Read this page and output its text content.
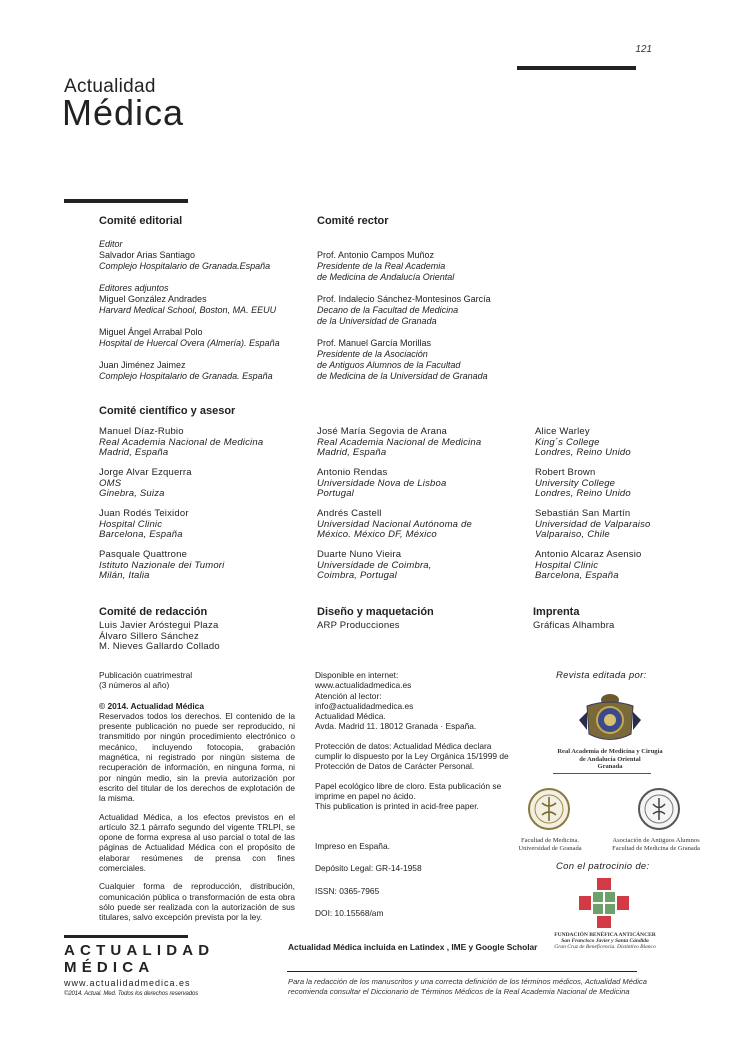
121
Actualidad
Médica
Comité editorial

Editor

Salvador Arias Santiago

Complejo Hospitalario de Granada.España

Editores adjuntos

Miguel González Andrades

Harvard Medical School, Boston, MA. EEUU

Miguel Ángel Arrabal Polo

Hospital de Huercal Overa (Almería). España

Juan Jiménez Jaimez

Complejo Hospitalario de Granada. España

Comité rector

Prof. Antonio Campos Muñoz

Presidente de la Real Academia

de Medicina de Andalucía Oriental

Prof. Indalecio Sánchez-Montesinos García

Decano de la Facultad de Medicina

de la Universidad de Granada

Prof. Manuel García Morillas

Presidente de la Asociación

de Antiguos Alumnos de la Facultad

de Medicina de la Universidad de Granada

Comité científico y asesor
Manuel Díaz-Rubio
Real Academia Nacional de Medicina
Madrid, España
Jorge Alvar Ezquerra
OMS
Ginebra, Suiza
Juan Rodés Teixidor
Hospital Clinic
Barcelona, España
Pasquale Quattrone
Istituto Nazionale dei Tumori
Milán, Italia
José María Segovia de Arana
Real Academia Nacional de Medicina
Madrid, España
Antonio Rendas
Universidade Nova de Lisboa
Portugal
Andrés Castell
Universidad Nacional Autónoma de
México. México DF, México
Duarte Nuno Vieira
Universidade de Coimbra,
Coimbra, Portugal
Alice Warley
King´s College
Londres, Reino Unido
Robert Brown
University College
Londres, Reino Unido
Sebastián San Martín
Universidad de Valparaiso
Valparaiso, Chile
Antonio Alcaraz Asensio
Hospital Clinic
Barcelona, España
Comité de redacción
Luis Javier Aróstegui Plaza
Álvaro Sillero Sánchez
M. Nieves Gallardo Collado
Diseño y maquetación
ARP Producciones
Imprenta
Gráficas Alhambra
Publicación cuatrimestral
(3 números al año)
© 2014. Actualidad Médica
Reservados todos los derechos. El contenido de la presente publicación no puede ser reproducido, ni transmitido por ningún procedimiento electrónico o mecánico, incluyendo fotocopia, grabación magnética, ni registrado por ningún sistema de recuperación de información, en ninguna forma, ni por ningún medio, sin la previa autorización por escrito del titular de los derechos de explotación de la misma.
Actualidad Médica, a los efectos previstos en el artículo 32.1 párrafo segundo del vigente TRLPI, se opone de forma expresa al uso parcial o total de las páginas de Actualidad Médica con el propósito de elaborar resúmenes de prensa con fines comerciales.
Cualquier forma de reproducción, distribución, comunicación pública o transformación de esta obra sólo puede ser realizada con la autorización de sus titulares, salvo excepción prevista por la ley.
Disponible en internet:
www.actualidadmedica.es
Atención al lector:
info@actualidadmedica.es
Actualidad Médica.
Avda. Madrid 11. 18012 Granada · España.
Protección de datos: Actualidad Médica declara cumplir lo dispuesto por la Ley Orgánica 15/1999 de Protección de Datos de Carácter Personal.
Papel ecológico libre de cloro. Esta publicación se imprime en papel no ácido.
This publication is printed in acid-free paper.
Impreso en España.
Depósito Legal: GR-14-1958
ISSN: 0365-7965
DOI: 10.15568/am
Revista editada por:
Real Academia de Medicina y Cirugía
de Andalucía Oriental
Granada
Facultad de Medicina.
Universidad de Granada
Asociación de Antiguos Alumnos
Facultad de Medicina de Granada
Con el patrocinio de:
FUNDACIÓN BENÉFICA ANTICÁNCER
San Francisco Javier y Santa Cándida
Gran Cruz de Beneficencia. Distintivo Blanco
ACTUALIDAD
MÉDICA
www.actualidadmedica.es
©2014. Actual. Med. Todos los derechos reservados
Actualidad Médica incluida en Latindex , IME y Google Scholar
Para la redacción de los manuscritos y una correcta definición de los términos médicos, Actualidad Médica recomienda consultar el Diccionario de Términos Médicos de la Real Academia Nacional de Medicina
